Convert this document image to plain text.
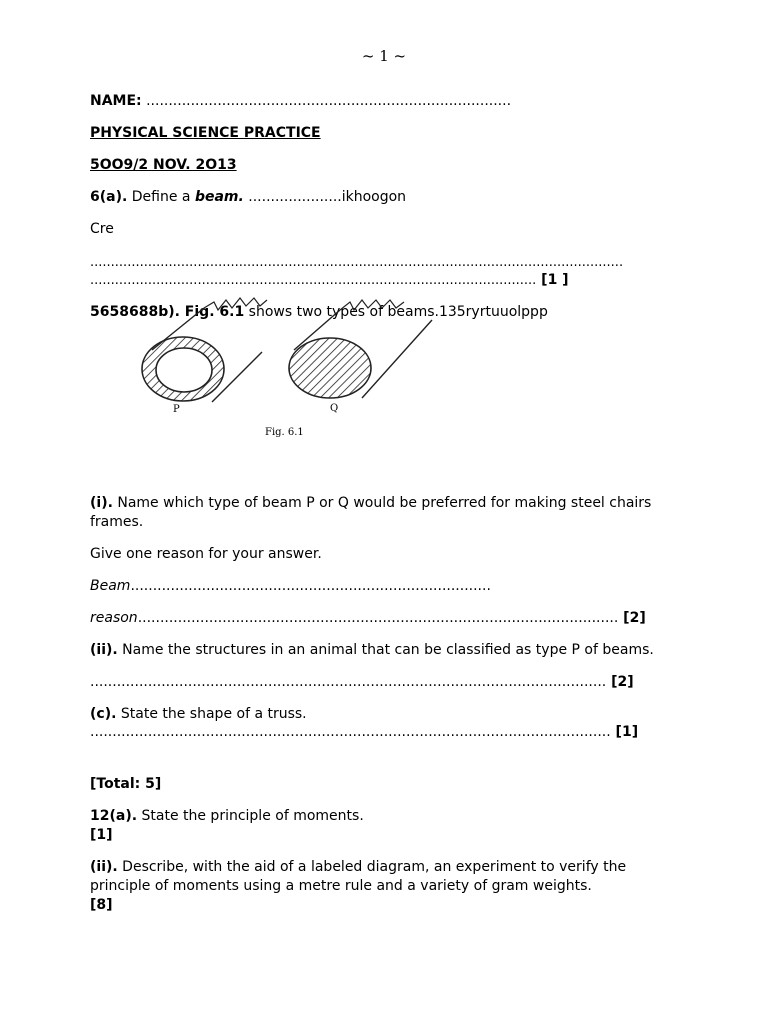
~ 1 ~
NAME: ..................................................................................
PHYSICAL SCIENCE PRACTICE
5OO9/2 NOV. 2O13
6(a). Define a beam. .....................ikhoogon
Cre
.................................................................................................................................
............................................................................................................ [1 ]
5658688b). Fig. 6.1 shows two types of beams.135ryrtuuolppp
P	Q
Fig. 6.1
(i). Name which type of beam P or Q would be preferred for making steel chairs
frames.
Give one reason for your answer.
Beam.................................................................................
reason............................................................................................................ [2]
(ii). Name the structures in an animal that can be classified as type P of beams.
.................................................................................................................... [2]
(c). State the shape of a truss.
..................................................................................................................... [1]
[Total: 5]
12(a). State the principle of moments.
[1]
(ii). Describe, with the aid of a labeled diagram, an experiment to verify the
principle of moments using a metre rule and a variety of gram weights.
[8]
